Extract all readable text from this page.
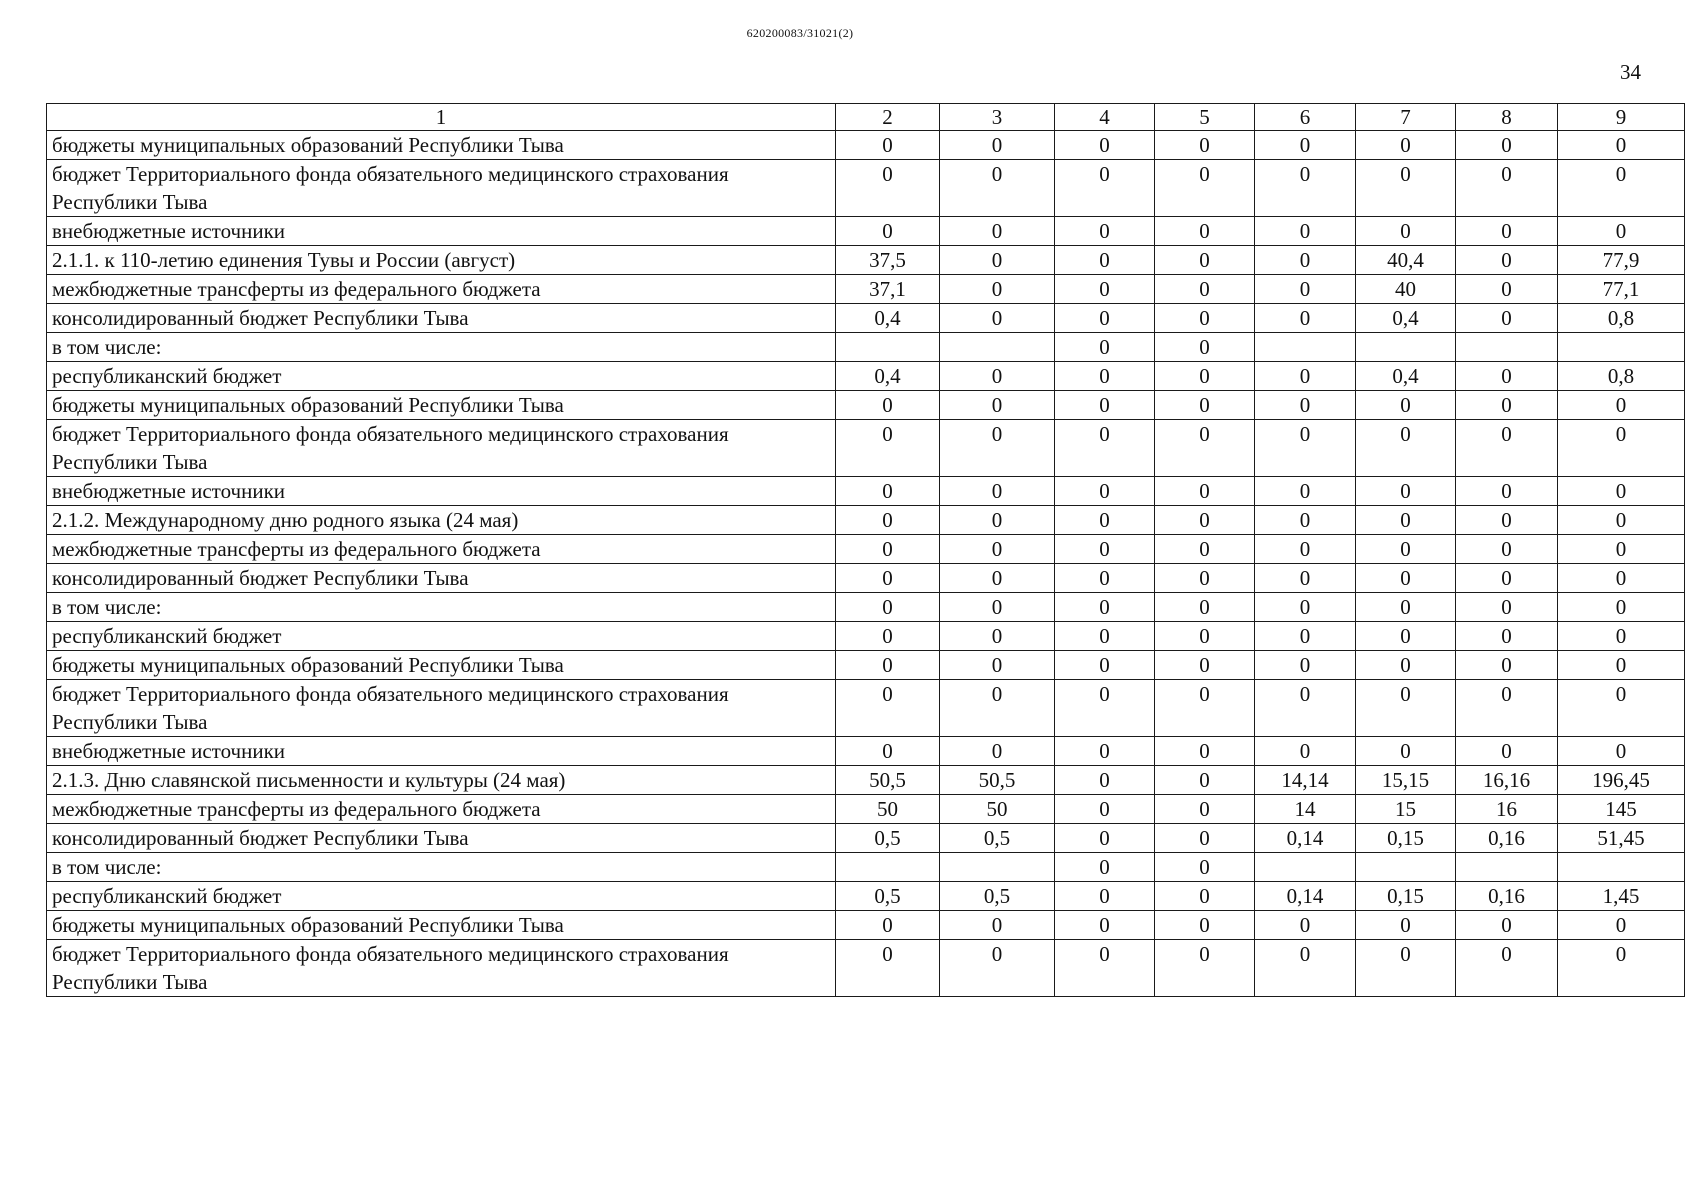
620200083/31021(2)
34
1	2	3	4	5	6	7	8	9
бюджеты муниципальных образований Республики Тыва	0	0	0	0	0	0	0	0
бюджет Территориального фонда обязательного медицинского страхования Республики Тыва	0	0	0	0	0	0	0	0
внебюджетные источники	0	0	0	0	0	0	0	0
2.1.1. к 110-летию единения Тувы и России (август)	37,5	0	0	0	0	40,4	0	77,9
межбюджетные трансферты из федерального бюджета	37,1	0	0	0	0	40	0	77,1
консолидированный бюджет Республики Тыва	0,4	0	0	0	0	0,4	0	0,8
в том числе:			0	0				
республиканский бюджет	0,4	0	0	0	0	0,4	0	0,8
бюджеты муниципальных образований Республики Тыва	0	0	0	0	0	0	0	0
бюджет Территориального фонда обязательного медицинского страхования Республики Тыва	0	0	0	0	0	0	0	0
внебюджетные источники	0	0	0	0	0	0	0	0
2.1.2. Международному дню родного языка (24 мая)	0	0	0	0	0	0	0	0
межбюджетные трансферты из федерального бюджета	0	0	0	0	0	0	0	0
консолидированный бюджет Республики Тыва	0	0	0	0	0	0	0	0
в том числе:	0	0	0	0	0	0	0	0
республиканский бюджет	0	0	0	0	0	0	0	0
бюджеты муниципальных образований Республики Тыва	0	0	0	0	0	0	0	0
бюджет Территориального фонда обязательного медицинского страхования Республики Тыва	0	0	0	0	0	0	0	0
внебюджетные источники	0	0	0	0	0	0	0	0
2.1.3. Дню славянской письменности и культуры (24 мая)	50,5	50,5	0	0	14,14	15,15	16,16	196,45
межбюджетные трансферты из федерального бюджета	50	50	0	0	14	15	16	145
консолидированный бюджет Республики Тыва	0,5	0,5	0	0	0,14	0,15	0,16	51,45
в том числе:			0	0				
республиканский бюджет	0,5	0,5	0	0	0,14	0,15	0,16	1,45
бюджеты муниципальных образований Республики Тыва	0	0	0	0	0	0	0	0
бюджет Территориального фонда обязательного медицинского страхования Республики Тыва	0	0	0	0	0	0	0	0
